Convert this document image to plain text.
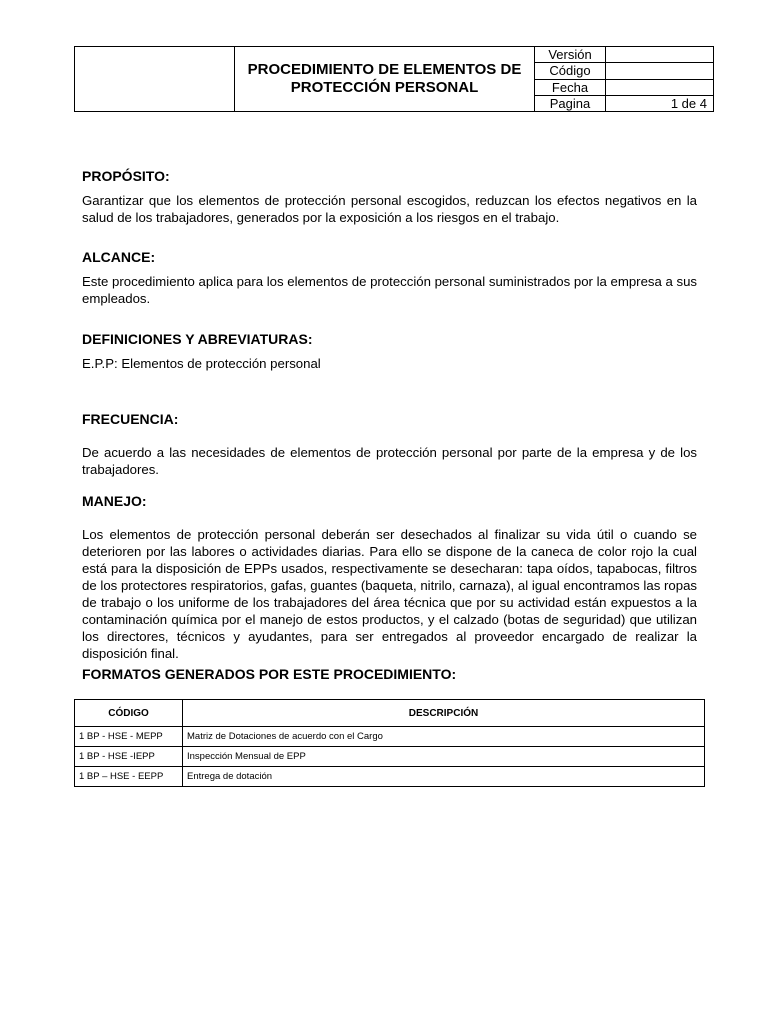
	PROCEDIMIENTO DE ELEMENTOS DE PROTECCIÓN PERSONAL	Versión	
		Código	
		Fecha	
		Pagina	1 de 4

PROPÓSITO:

Garantizar que los elementos de protección personal escogidos, reduzcan los efectos negativos en la salud de los trabajadores, generados por la exposición a los riesgos en el trabajo.

ALCANCE:

Este procedimiento aplica para los elementos de protección personal suministrados por la empresa a sus empleados.

DEFINICIONES Y ABREVIATURAS:

E.P.P: Elementos de protección personal

FRECUENCIA:

De acuerdo a las necesidades de elementos de protección personal por parte de la empresa y de los trabajadores.

MANEJO:

Los elementos de protección personal deberán ser desechados al finalizar su vida útil o cuando se deterioren por las labores o actividades diarias. Para ello se dispone de la caneca de color rojo la cual está para la disposición de EPPs usados, respectivamente se desecharan: tapa oídos, tapabocas, filtros de los protectores respiratorios, gafas, guantes (baqueta, nitrilo, carnaza), al igual encontramos las ropas de trabajo o los uniforme de los trabajadores del área técnica que por su actividad están expuestos a la contaminación química por el manejo de estos productos, y el calzado (botas de seguridad) que utilizan los directores, técnicos y ayudantes, para ser entregados al proveedor encargado de realizar la disposición final.

FORMATOS GENERADOS POR ESTE PROCEDIMIENTO:

CÓDIGO	DESCRIPCIÓN
1 BP - HSE - MEPP	Matriz de Dotaciones de acuerdo con el Cargo
1 BP - HSE -IEPP	Inspección Mensual de EPP
1 BP – HSE - EEPP	Entrega de dotación
